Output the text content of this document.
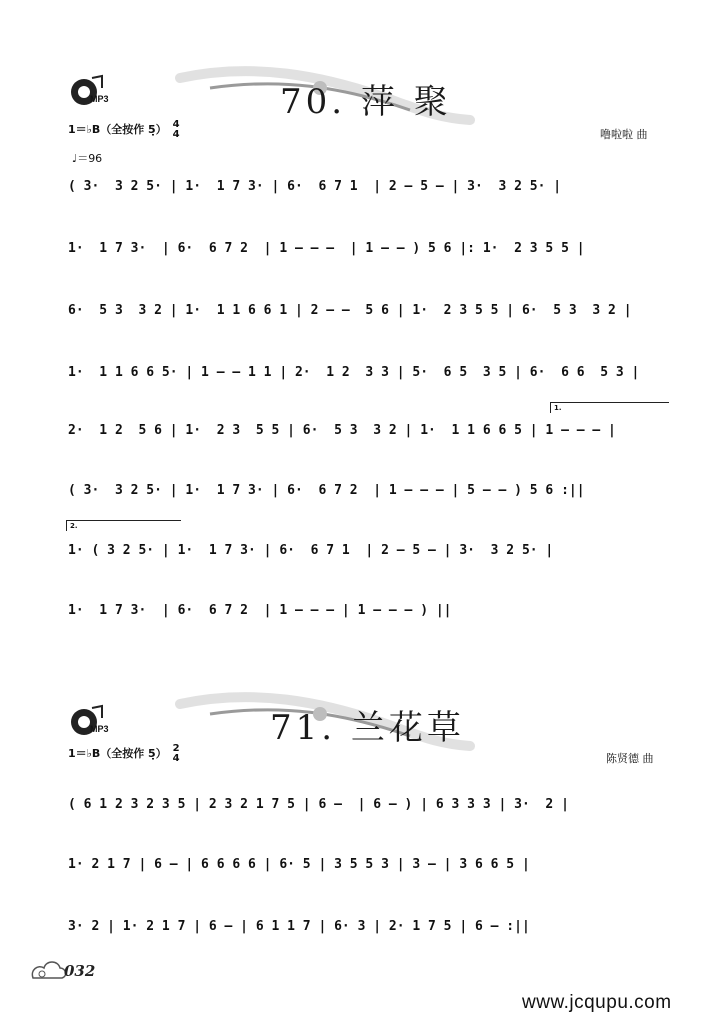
MP3	70. 萍 聚
1＝♭B（全按作 5̣） 4
4	噜啦啦 曲
♩＝96
( 3·  3 2 5· | 1·  1 7 3· | 6·  6 7 1  | 2 – 5 – | 3·  3 2 5· |
1·  1 7 3·  | 6·  6 7 2  | 1 – – –  | 1 – – ) 5 6 |: 1·  2 3 5 5 |
6·  5 3  3 2 | 1·  1 1 6 6 1 | 2 – –  5 6 | 1·  2 3 5 5 | 6·  5 3  3 2 |
1·  1 1 6 6 5· | 1 – – 1 1 | 2·  1 2  3 3 | 5·  6 5  3 5 | 6·  6 6  5 3 |
1.
2·  1 2  5 6 | 1·  2 3  5 5 | 6·  5 3  3 2 | 1·  1 1 6 6 5 | 1 – – – |
( 3·  3 2 5· | 1·  1 7 3· | 6·  6 7 2  | 1 – – – | 5 – – ) 5 6 :||
2.
1· ( 3 2 5· | 1·  1 7 3· | 6·  6 7 1  | 2 – 5 – | 3·  3 2 5· |
1·  1 7 3·  | 6·  6 7 2  | 1 – – – | 1 – – – ) ||
MP3	71. 兰花草
1＝♭B（全按作 5̣） 2
4	陈贤德 曲
( 6 1 2 3 2 3 5 | 2 3 2 1 7 5 | 6 –  | 6 – ) | 6 3 3 3 | 3·  2 |
1· 2 1 7 | 6 – | 6 6 6 6 | 6· 5 | 3 5 5 3 | 3 – | 3 6 6 5 |
3· 2 | 1· 2 1 7 | 6 – | 6 1 1 7 | 6· 3 | 2· 1 7 5 | 6 – :||
032
www.jcqupu.com
